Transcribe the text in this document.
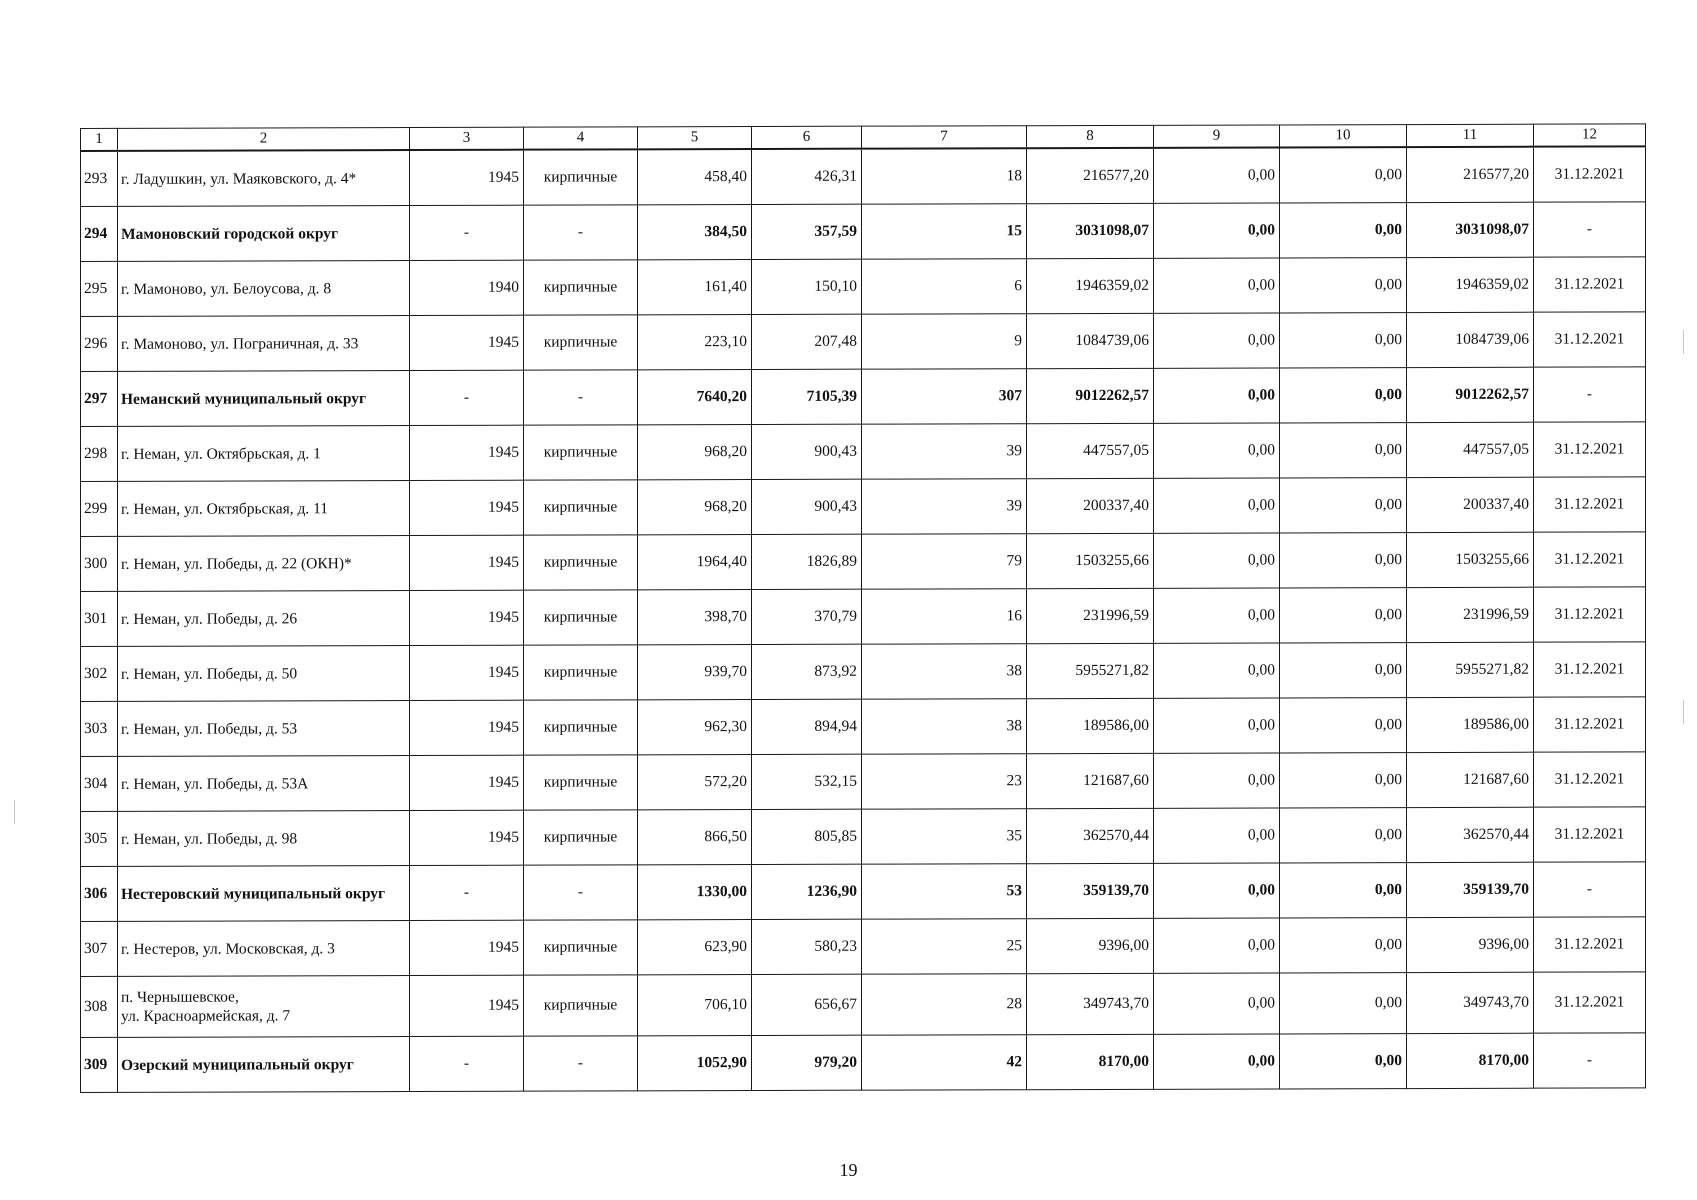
1	2	3	4	5	6	7	8	9	10	11	12
293	г. Ладушкин, ул. Маяковского, д. 4*	1945	кирпичные	458,40	426,31	18	216577,20	0,00	0,00	216577,20	31.12.2021
294	Мамоновский городской округ	-	-	384,50	357,59	15	3031098,07	0,00	0,00	3031098,07	-
295	г. Мамоново, ул. Белоусова, д. 8	1940	кирпичные	161,40	150,10	6	1946359,02	0,00	0,00	1946359,02	31.12.2021
296	г. Мамоново, ул. Пограничная, д. 33	1945	кирпичные	223,10	207,48	9	1084739,06	0,00	0,00	1084739,06	31.12.2021
297	Неманский муниципальный округ	-	-	7640,20	7105,39	307	9012262,57	0,00	0,00	9012262,57	-
298	г. Неман, ул. Октябрьская, д. 1	1945	кирпичные	968,20	900,43	39	447557,05	0,00	0,00	447557,05	31.12.2021
299	г. Неман, ул. Октябрьская, д. 11	1945	кирпичные	968,20	900,43	39	200337,40	0,00	0,00	200337,40	31.12.2021
300	г. Неман, ул. Победы, д. 22 (ОКН)*	1945	кирпичные	1964,40	1826,89	79	1503255,66	0,00	0,00	1503255,66	31.12.2021
301	г. Неман, ул. Победы, д. 26	1945	кирпичные	398,70	370,79	16	231996,59	0,00	0,00	231996,59	31.12.2021
302	г. Неман, ул. Победы, д. 50	1945	кирпичные	939,70	873,92	38	5955271,82	0,00	0,00	5955271,82	31.12.2021
303	г. Неман, ул. Победы, д. 53	1945	кирпичные	962,30	894,94	38	189586,00	0,00	0,00	189586,00	31.12.2021
304	г. Неман, ул. Победы, д. 53А	1945	кирпичные	572,20	532,15	23	121687,60	0,00	0,00	121687,60	31.12.2021
305	г. Неман, ул. Победы, д. 98	1945	кирпичные	866,50	805,85	35	362570,44	0,00	0,00	362570,44	31.12.2021
306	Нестеровский муниципальный округ	-	-	1330,00	1236,90	53	359139,70	0,00	0,00	359139,70	-
307	г. Нестеров, ул. Московская, д. 3	1945	кирпичные	623,90	580,23	25	9396,00	0,00	0,00	9396,00	31.12.2021
308	п. Чернышевское,
ул. Красноармейская, д. 7	1945	кирпичные	706,10	656,67	28	349743,70	0,00	0,00	349743,70	31.12.2021
309	Озерский муниципальный округ	-	-	1052,90	979,20	42	8170,00	0,00	0,00	8170,00	-
19
